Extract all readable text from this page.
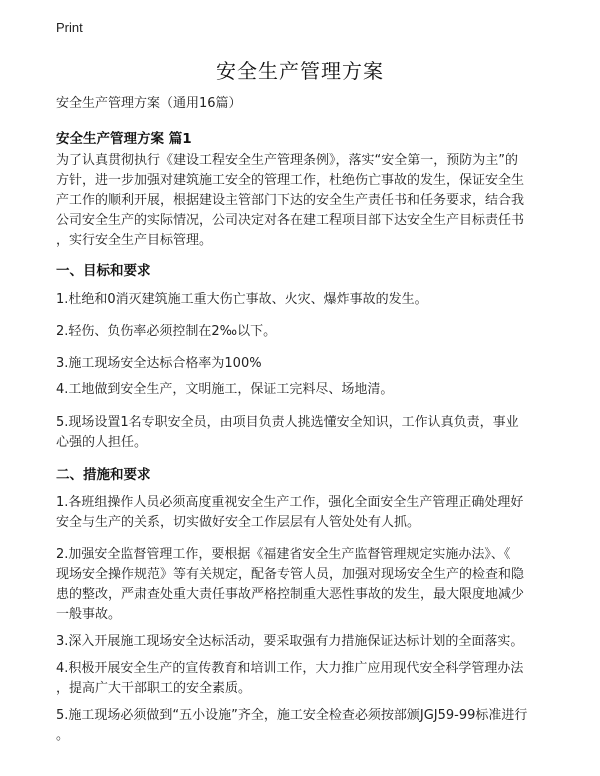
Print
安全生产管理方案
安全生产管理方案（通用16篇）
安全生产管理方案 篇1
为了认真贯彻执行《建设工程安全生产管理条例》，落实“安全第一，预防为主”的
方针，进一步加强对建筑施工安全的管理工作，杜绝伤亡事故的发生，保证安全生
产工作的顺利开展，根据建设主管部门下达的安全生产责任书和任务要求，结合我
公司安全生产的实际情况，公司决定对各在建工程项目部下达安全生产目标责任书
，实行安全生产目标管理。
一、目标和要求
1.杜绝和0消灭建筑施工重大伤亡事故、火灾、爆炸事故的发生。
2.轻伤、负伤率必须控制在2‰以下。
3.施工现场安全达标合格率为100%
4.工地做到安全生产，文明施工，保证工完料尽、场地清。
5.现场设置1名专职安全员，由项目负责人挑选懂安全知识，工作认真负责，事业
心强的人担任。
二、措施和要求
1.各班组操作人员必须高度重视安全生产工作，强化全面安全生产管理正确处理好
安全与生产的关系，切实做好安全工作层层有人管处处有人抓。
2.加强安全监督管理工作，要根据《福建省安全生产监督管理规定实施办法》、《
现场安全操作规范》等有关规定，配备专管人员，加强对现场安全生产的检查和隐
患的整改，严肃查处重大责任事故严格控制重大恶性事故的发生，最大限度地减少
一般事故。
3.深入开展施工现场安全达标活动，要采取强有力措施保证达标计划的全面落实。
4.积极开展安全生产的宣传教育和培训工作，大力推广应用现代安全科学管理办法
，提高广大干部职工的安全素质。
5.施工现场必须做到“五小设施”齐全，施工安全检查必须按部颁JGJ59-99标准进行
。
